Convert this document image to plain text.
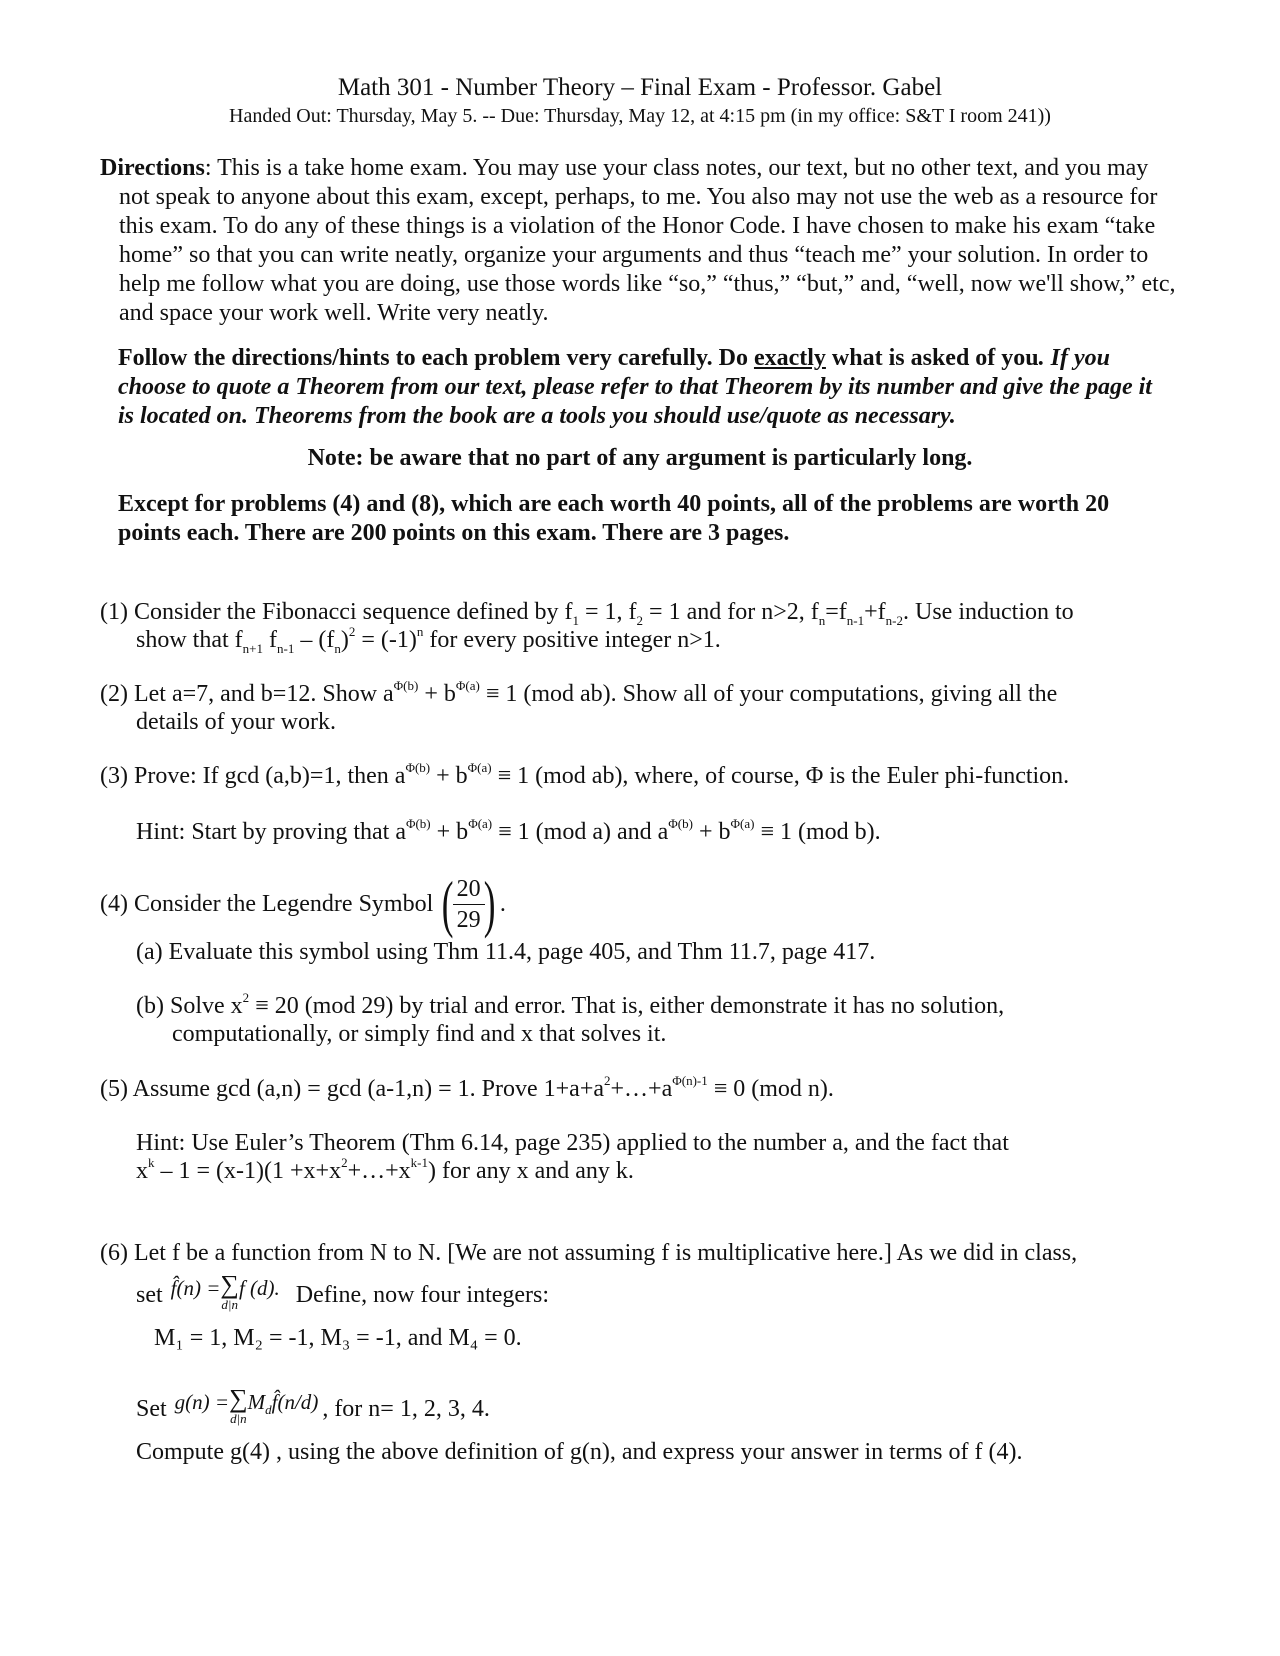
Math 301 - Number Theory – Final Exam - Professor. Gabel
Handed Out: Thursday, May 5. -- Due: Thursday, May 12, at 4:15 pm (in my office: S&T I room 241))
Directions: This is a take home exam. You may use your class notes, our text, but no other text, and you may not speak to anyone about this exam, except, perhaps, to me. You also may not use the web as a resource for this exam. To do any of these things is a violation of the Honor Code. I have chosen to make his exam “take home” so that you can write neatly, organize your arguments and thus “teach me” your solution. In order to help me follow what you are doing, use those words like “so,” “thus,” “but,” and, “well, now we'll show,” etc, and space your work well. Write very neatly.
Follow the directions/hints to each problem very carefully. Do exactly what is asked of you. If you choose to quote a Theorem from our text, please refer to that Theorem by its number and give the page it is located on. Theorems from the book are a tools you should use/quote as necessary.
Note: be aware that no part of any argument is particularly long.
Except for problems (4) and (8), which are each worth 40 points, all of the problems are worth 20 points each. There are 200 points on this exam. There are 3 pages.
(1) Consider the Fibonacci sequence defined by $f_1 = 1$, $f_2 = 1$ and for n>2, $f_n=f_{n-1}+f_{n-2}$. Use induction to
show that $f_{n+1}$ $f_{n-1} - (f_n)^2 = (-1)^n$ for every positive integer n>1.
(2) Let a=7, and b=12. Show $a^{\Phi(b)} + b^{\Phi(a)} \equiv 1$ (mod ab). Show all of your computations, giving all the
details of your work.
(3) Prove: If gcd (a,b)=1, then $a^{\Phi(b)} + b^{\Phi(a)} \equiv 1$ (mod ab), where, of course, Φ is the Euler phi-function.
Hint: Start by proving that $a^{\Phi(b)} + b^{\Phi(a)} \equiv 1$ (mod a) and $a^{\Phi(b)} + b^{\Phi(a)} \equiv 1$ (mod b).
(4) Consider the Legendre Symbol (
$\frac{20}{29}$
) .
(a) Evaluate this symbol using Thm 11.4, page 405, and Thm 11.7, page 417.
(b) Solve $x^2 \equiv 20$ (mod 29) by trial and error. That is, either demonstrate it has no solution,
computationally, or simply find and x that solves it.
(5) Assume gcd (a,n) = gcd (a-1,n) = 1. Prove $1+a+a^2+\dots+a^{\Phi(n)-1} \equiv 0$ (mod n).
Hint: Use Euler’s Theorem (Thm 6.14, page 235) applied to the number a, and the fact that
$x^k - 1 = (x-1)(1$ $+x+x^2+\dots+x^{k-1}$) for any x and any k.
(6) Let f be a function from N to N. [We are not assuming f is multiplicative here.] As we did in class,
set f̂(n) = ∑
d|n
f (d). Define, now four integers:
M₁ = 1, M₂ = -1, M₃ = -1, and M₄ = 0.
Set g(n) = ∑
d|n
$M_df̂(n/d)$ , for n= 1, 2, 3, 4.
Compute g(4) , using the above definition of g(n), and express your answer in terms of f (4).
